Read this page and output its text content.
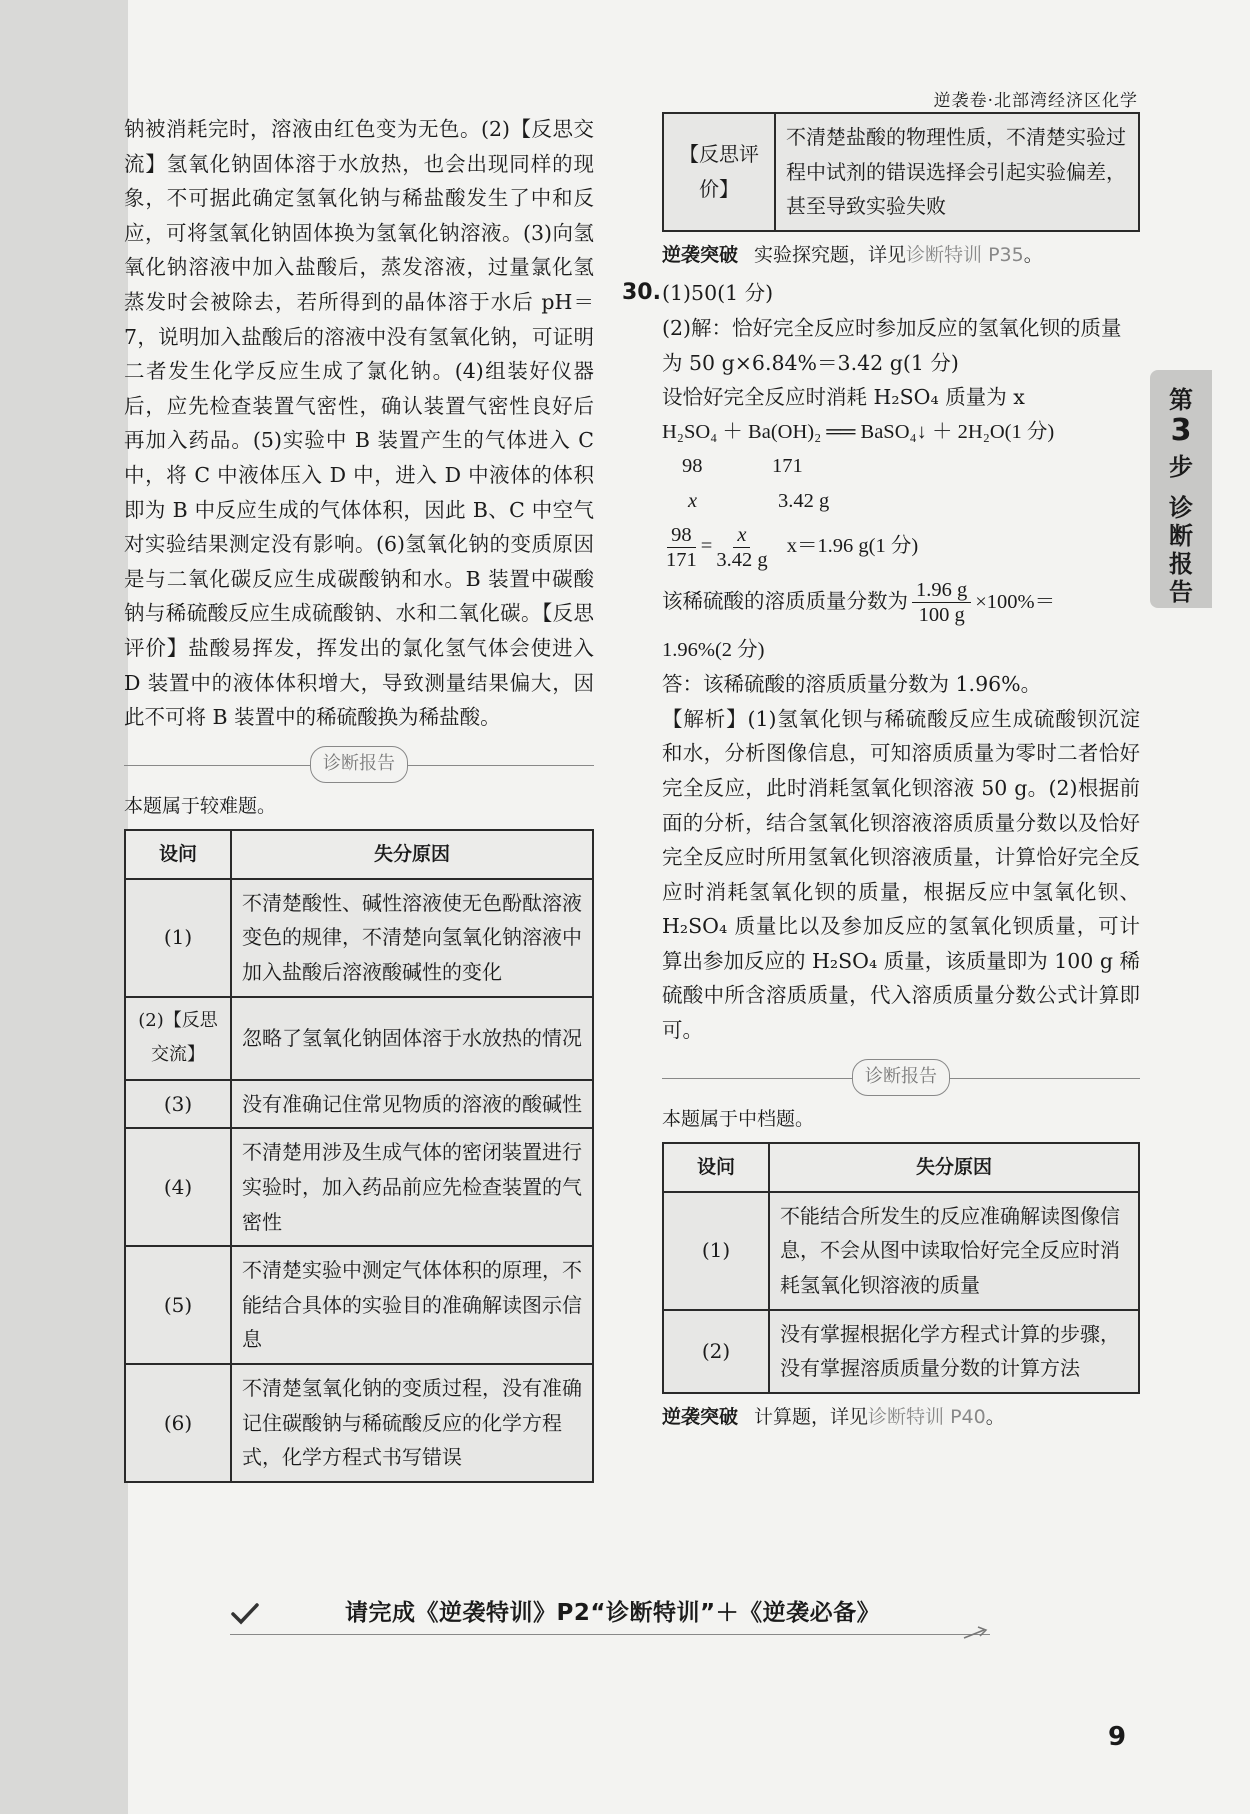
逆袭卷·北部湾经济区化学
第
3
步
诊
断
报
告

钠被消耗完时，溶液由红色变为无色。(2)【反思交流】氢氧化钠固体溶于水放热，也会出现同样的现象，不可据此确定氢氧化钠与稀盐酸发生了中和反应，可将氢氧化钠固体换为氢氧化钠溶液。(3)向氢氧化钠溶液中加入盐酸后，蒸发溶液，过量氯化氢蒸发时会被除去，若所得到的晶体溶于水后 pH＝7，说明加入盐酸后的溶液中没有氢氧化钠，可证明二者发生化学反应生成了氯化钠。(4)组装好仪器后，应先检查装置气密性，确认装置气密性良好后再加入药品。(5)实验中 B 装置产生的气体进入 C 中，将 C 中液体压入 D 中，进入 D 中液体的体积即为 B 中反应生成的气体体积，因此 B、C 中空气对实验结果测定没有影响。(6)氢氧化钠的变质原因是与二氧化碳反应生成碳酸钠和水。B 装置中碳酸钠与稀硫酸反应生成硫酸钠、水和二氧化碳。【反思评价】盐酸易挥发，挥发出的氯化氢气体会使进入 D 装置中的液体体积增大，导致测量结果偏大，因此不可将 B 装置中的稀硫酸换为稀盐酸。

诊断报告
本题属于较难题。
设问	失分原因
(1)	不清楚酸性、碱性溶液使无色酚酞溶液变色的规律，不清楚向氢氧化钠溶液中加入盐酸后溶液酸碱性的变化
(2)【反思交流】	忽略了氢氧化钠固体溶于水放热的情况
(3)	没有准确记住常见物质的溶液的酸碱性
(4)	不清楚用涉及生成气体的密闭装置进行实验时，加入药品前应先检查装置的气密性
(5)	不清楚实验中测定气体体积的原理，不能结合具体的实验目的准确解读图示信息
(6)	不清楚氢氧化钠的变质过程，没有准确记住碳酸钠与稀硫酸反应的化学方程式，化学方程式书写错误
【反思评价】	不清楚盐酸的物理性质，不清楚实验过程中试剂的错误选择会引起实验偏差，甚至导致实验失败
逆袭突破 实验探究题，详见诊断特训 P35。
30. (1)50(1 分)
(2)解：恰好完全反应时参加反应的氢氧化钡的质量为 50 g×6.84%＝3.42 g(1 分)
设恰好完全反应时消耗 H₂SO₄ 质量为 x
H₂SO₄ ＋ Ba(OH)₂ ══ BaSO₄↓ ＋ 2H₂O(1 分)
98	171
x	3.42 g
$\frac{98}{171} = \frac{x}{3.42 g} x=1.96$ g(1 分)
该稀硫酸的溶质质量分数为 $\frac{1.96 g}{100 g} \times 100\%=$
1.96%(2 分)
答：该稀硫酸的溶质质量分数为 1.96%。

【解析】(1)氢氧化钡与稀硫酸反应生成硫酸钡沉淀和水，分析图像信息，可知溶质质量为零时二者恰好完全反应，此时消耗氢氧化钡溶液 50 g。(2)根据前面的分析，结合氢氧化钡溶液溶质质量分数以及恰好完全反应时所用氢氧化钡溶液质量，计算恰好完全反应时消耗氢氧化钡的质量，根据反应中氢氧化钡、H₂SO₄ 质量比以及参加反应的氢氧化钡质量，可计算出参加反应的 H₂SO₄ 质量，该质量即为 100 g 稀硫酸中所含溶质质量，代入溶质质量分数公式计算即可。

诊断报告
本题属于中档题。
设问	失分原因
(1)	不能结合所发生的反应准确解读图像信息，不会从图中读取恰好完全反应时消耗氢氧化钡溶液的质量
(2)	没有掌握根据化学方程式计算的步骤，没有掌握溶质质量分数的计算方法
逆袭突破 计算题，详见诊断特训 P40。
请完成《逆袭特训》P2“诊断特训”＋《逆袭必备》
9
